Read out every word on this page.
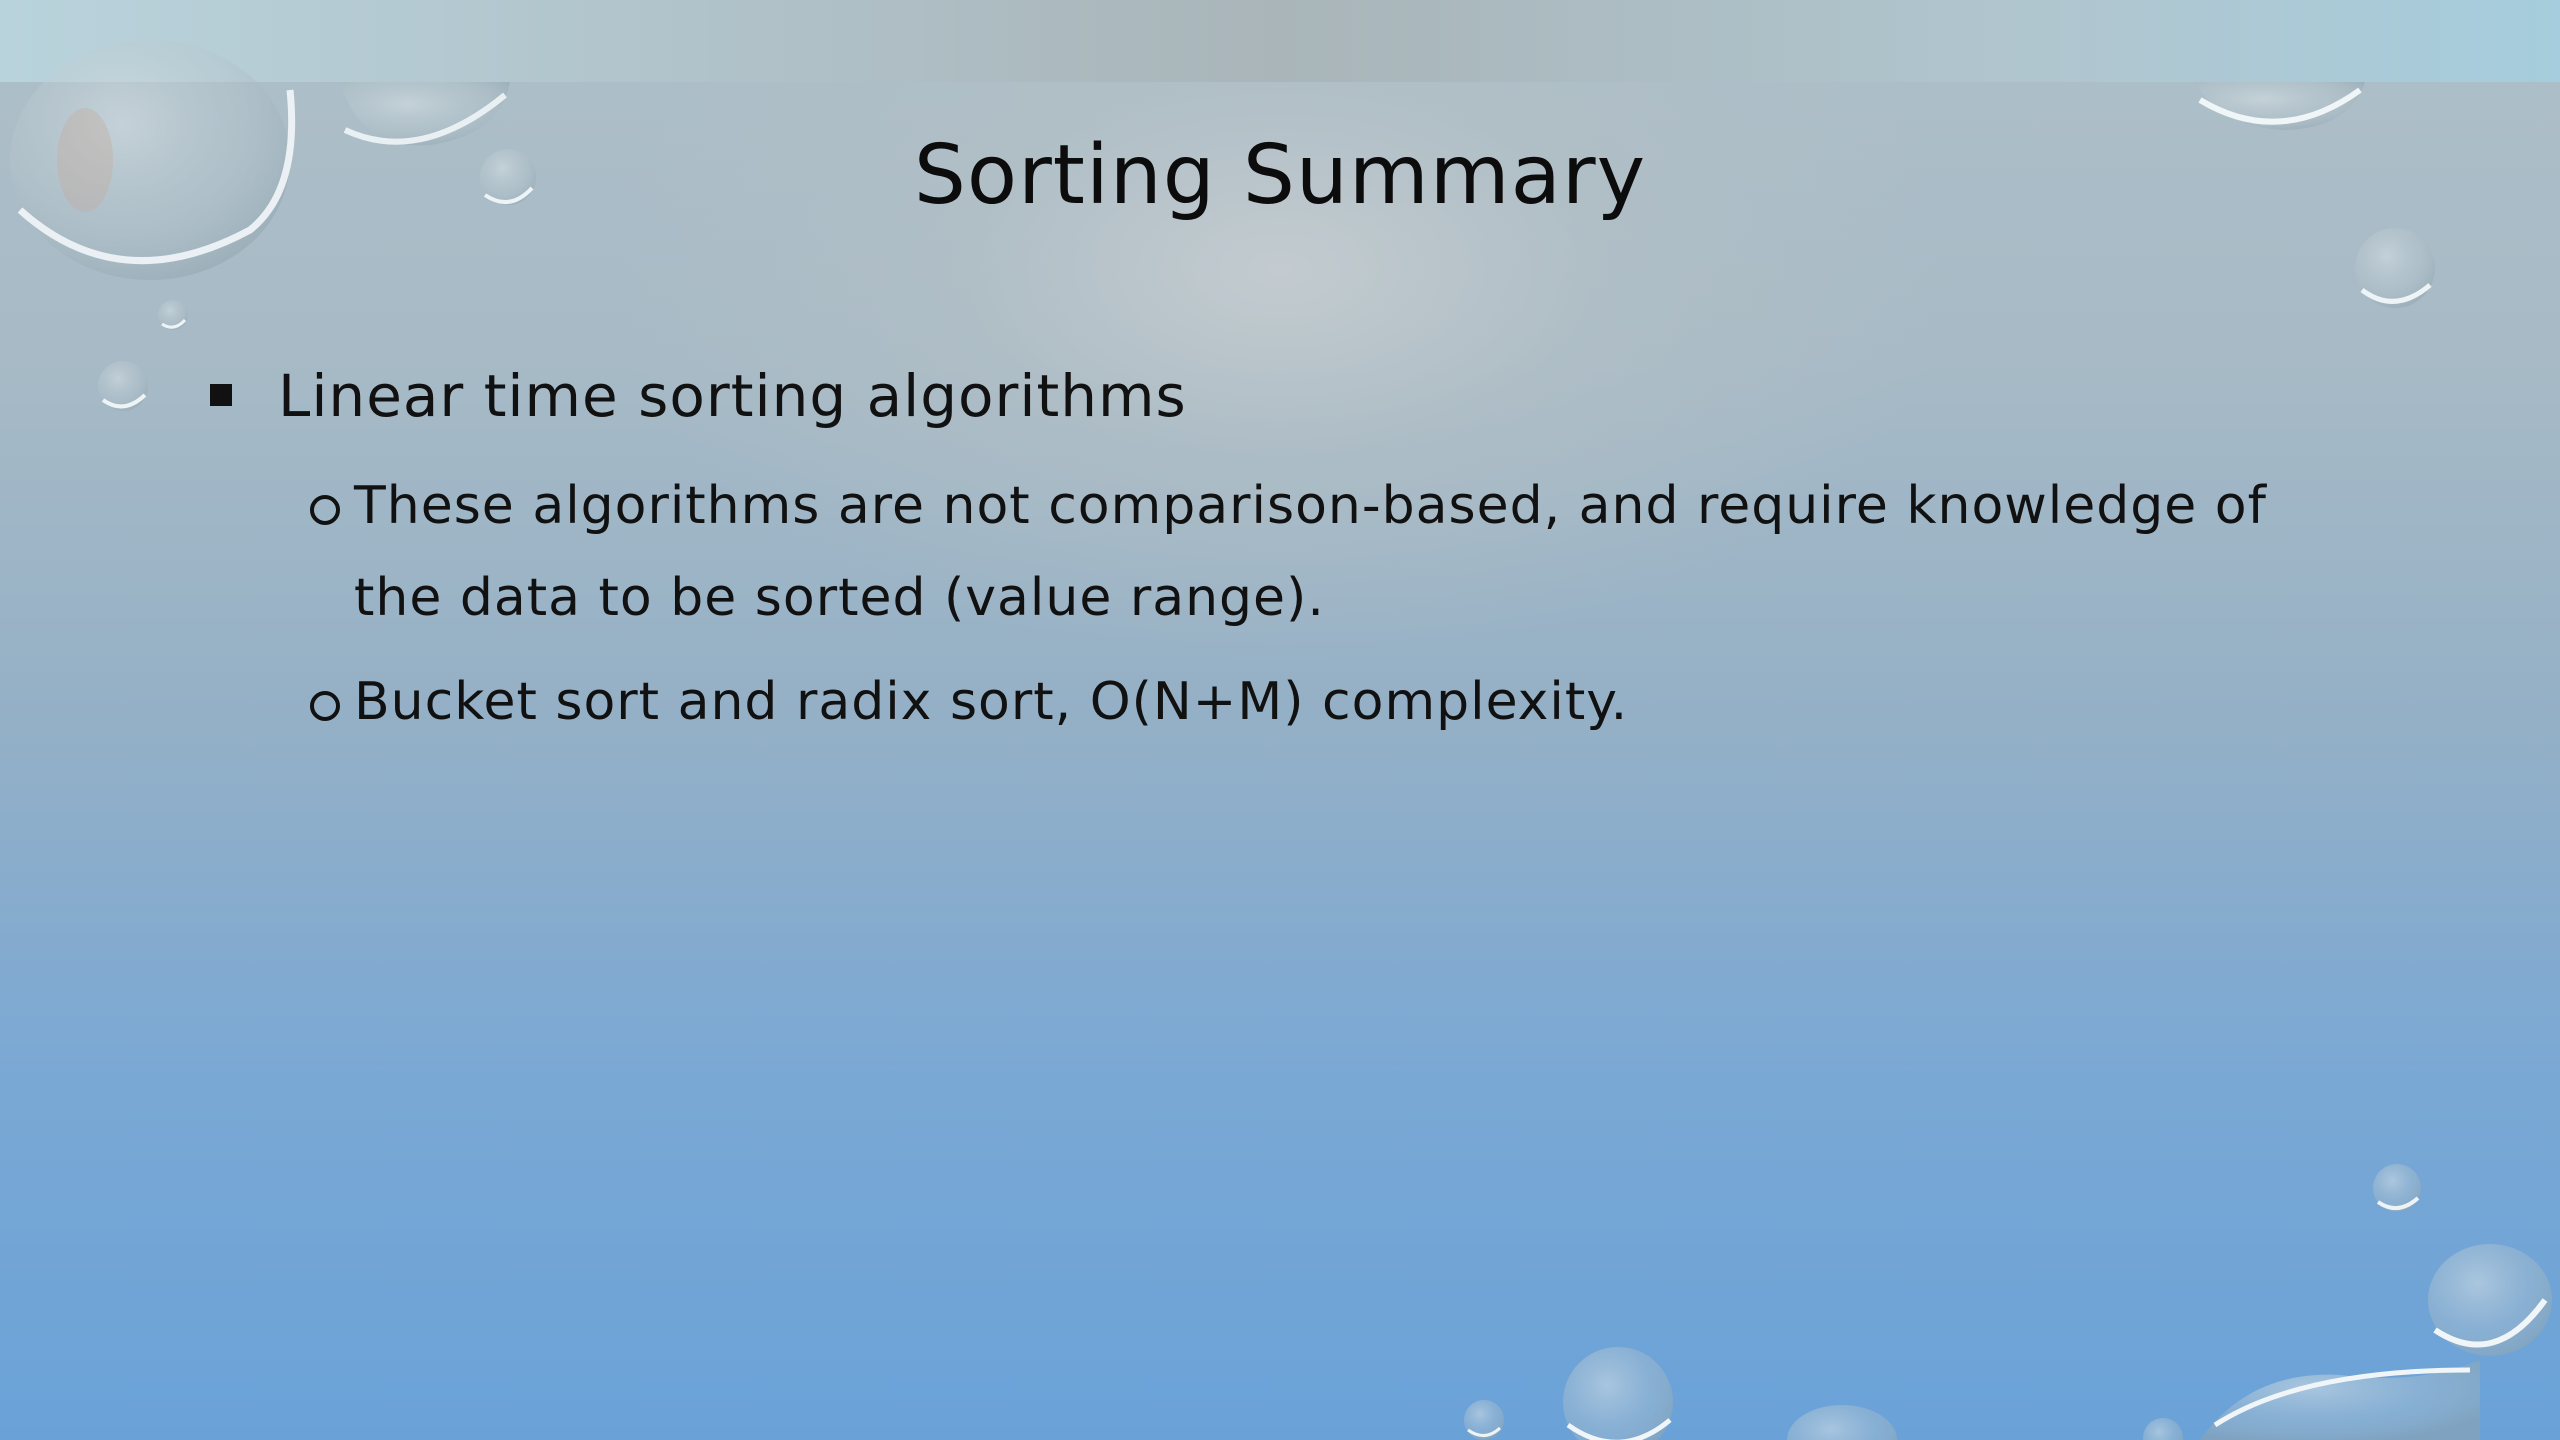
Sorting Summary
Linear time sorting algorithms
These algorithms are not comparison-based, and require knowledge of the data to be sorted (value range).
Bucket sort and radix sort, O(N+M) complexity.
